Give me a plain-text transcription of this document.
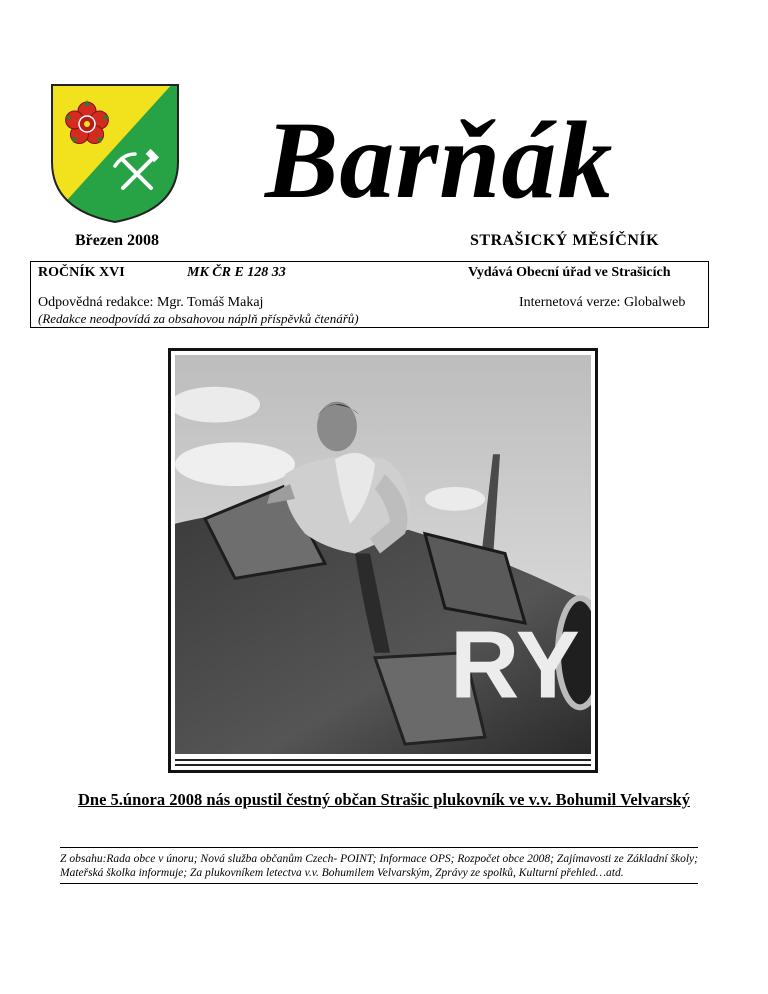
Barňák
Březen 2008	STRAŠICKÝ MĚSÍČNÍK
ROČNÍK XVI	MK ČR E 128 33	Vydává Obecní úřad ve Strašicích
Odpovědná redakce: Mgr. Tomáš Makaj
(Redakce neodpovídá za obsahovou náplň příspěvků čtenářů)
Internetová verze: Globalweb
RY
Dne 5.února 2008 nás opustil čestný občan Strašic plukovník ve v.v. Bohumil Velvarský
Z obsahu:Rada obce v únoru; Nová služba občanům Czech- POINT; Informace OPS; Rozpočet obce 2008; Zajímavosti ze Základní školy; Mateřská školka informuje; Za plukovníkem letectva v.v. Bohumilem Velvarským, Zprávy ze spolků, Kulturní přehled…atd.
